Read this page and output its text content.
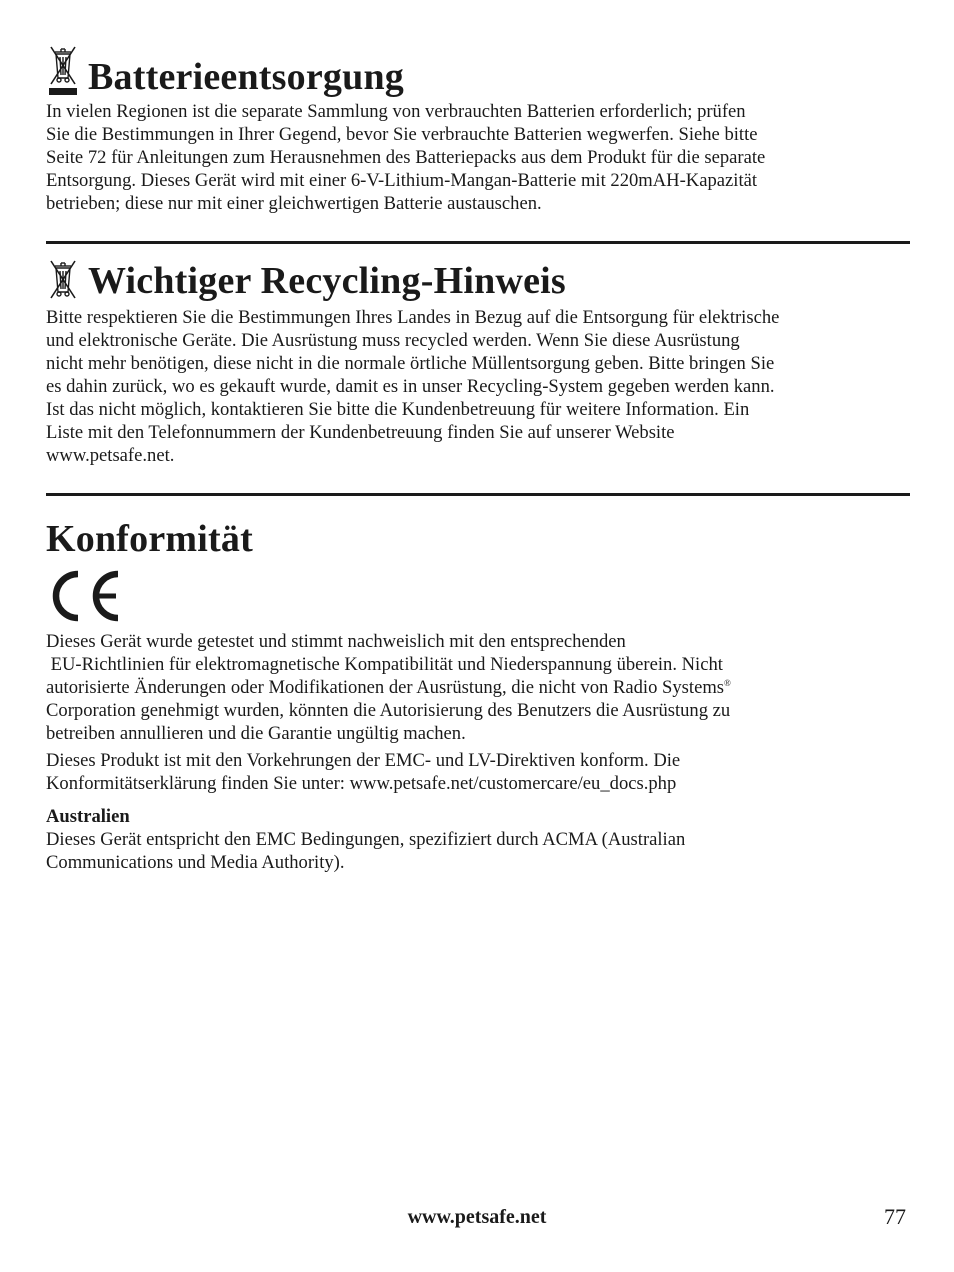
Batterieentsorgung

In vielen Regionen ist die separate Sammlung von verbrauchten Batterien erforderlich; prüfen

Sie die Bestimmungen in Ihrer Gegend, bevor Sie verbrauchte Batterien wegwerfen. Siehe bitte

Seite 72 für Anleitungen zum Herausnehmen des Batteriepacks aus dem Produkt für die separate

Entsorgung. Dieses Gerät wird mit einer 6-V-Lithium-Mangan-Batterie mit 220mAH-Kapazität

betrieben; diese nur mit einer gleichwertigen Batterie austauschen.

Wichtiger Recycling-Hinweis

Bitte respektieren Sie die Bestimmungen Ihres Landes in Bezug auf die Entsorgung für elektrische

und elektronische Geräte. Die Ausrüstung muss recycled werden. Wenn Sie diese Ausrüstung

nicht mehr benötigen, diese nicht in die normale örtliche Müllentsorgung geben. Bitte bringen Sie

es dahin zurück, wo es gekauft wurde, damit es in unser Recycling-System gegeben werden kann.

Ist das nicht möglich, kontaktieren Sie bitte die Kundenbetreuung für weitere Information. Ein

Liste mit den Telefonnummern der Kundenbetreuung finden Sie auf unserer Website

www.petsafe.net.

Konformität

Dieses Gerät wurde getestet und stimmt nachweislich mit den entsprechenden

EU-Richtlinien für elektromagnetische Kompatibilität und Niederspannung überein. Nicht

autorisierte Änderungen oder Modifikationen der Ausrüstung, die nicht von Radio Systems®

Corporation genehmigt wurden, könnten die Autorisierung des Benutzers die Ausrüstung zu

betreiben annullieren und die Garantie ungültig machen.

Dieses Produkt ist mit den Vorkehrungen der EMC- und LV-Direktiven konform. Die

Konformitätserklärung finden Sie unter: www.petsafe.net/customercare/eu_docs.php

Australien

Dieses Gerät entspricht den EMC Bedingungen, spezifiziert durch ACMA (Australian

Communications und Media Authority).

www.petsafe.net	77
